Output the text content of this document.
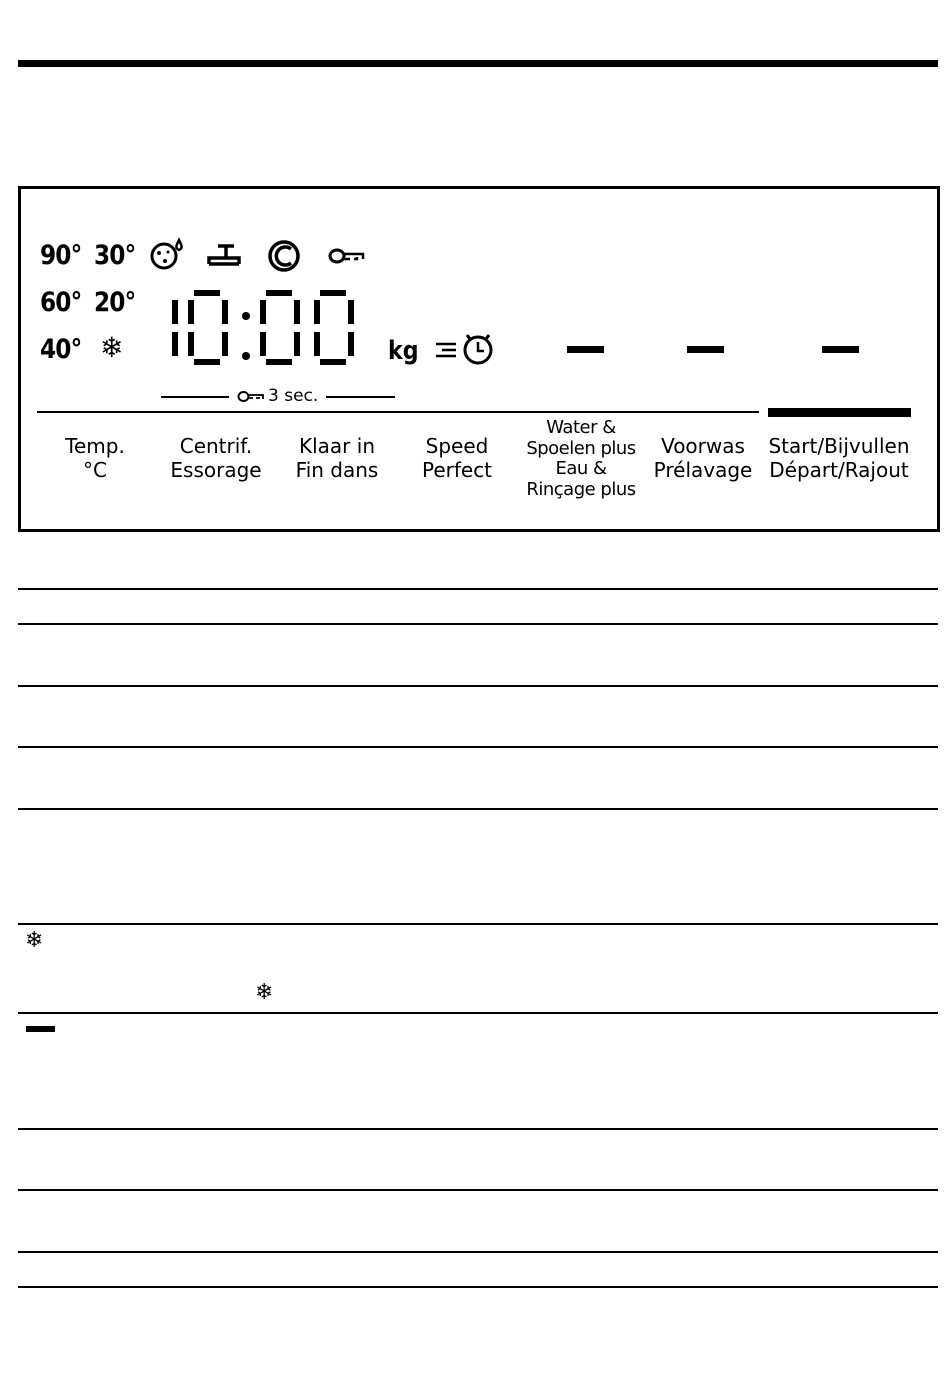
90° 30°
60° 20°
40° ❄	kg
3 sec.
Temp.
°C
Centrif.
Essorage
Klaar in
Fin dans
Speed
Perfect
Water &
Spoelen plus
Eau &
Rinçage plus
Voorwas
Prélavage
Start/Bijvullen
Départ/Rajout
❄
❄
